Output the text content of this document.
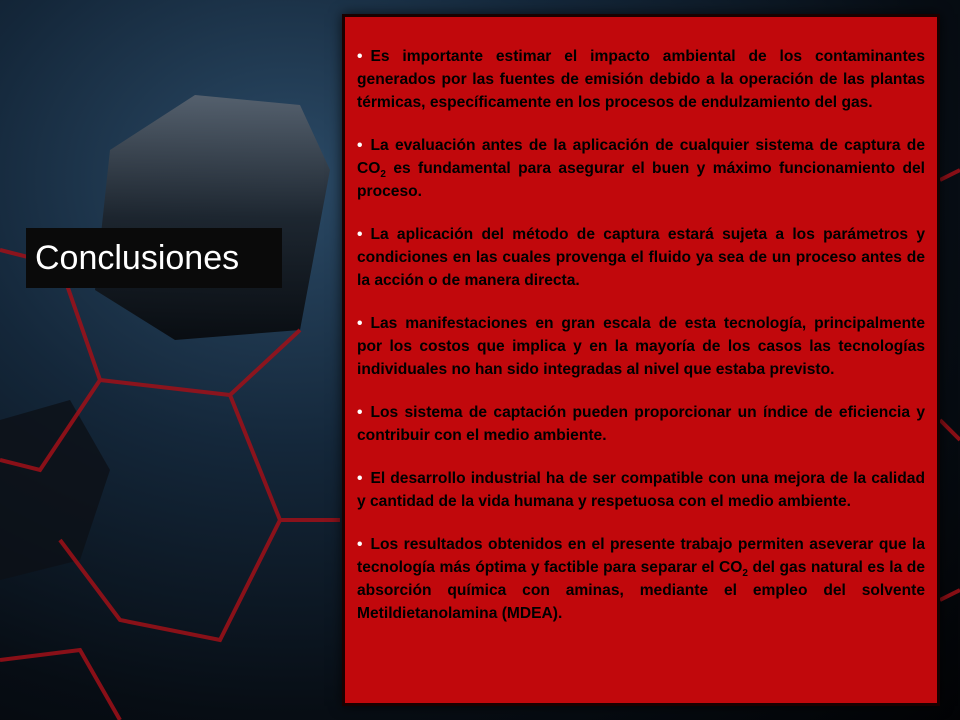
Conclusiones

• Es importante estimar el impacto ambiental de los contaminantes generados por las fuentes de emisión debido a la operación de las plantas térmicas, específicamente en los procesos de endulzamiento del gas.

• La evaluación antes de la aplicación de cualquier sistema de captura de $CO_2$ es fundamental para asegurar el buen y máximo funcionamiento del proceso.

• La aplicación del método de captura estará sujeta a los parámetros y condiciones en las cuales provenga el fluido ya sea de un proceso antes de la acción o de manera directa.

• Las manifestaciones en gran escala de esta tecnología, principalmente por los costos que implica y en la mayoría de los casos las tecnologías individuales no han sido integradas al nivel que estaba previsto.

• Los sistema de captación pueden proporcionar un índice de eficiencia y contribuir con el medio ambiente.

• El desarrollo industrial ha de ser compatible con una mejora de la calidad y cantidad de la vida humana y respetuosa con el medio ambiente.

• Los resultados obtenidos en el presente trabajo permiten aseverar que la tecnología más óptima y factible para separar el $CO_2$ del gas natural es la de absorción química con aminas, mediante el empleo del solvente Metildietanolamina (MDEA).
